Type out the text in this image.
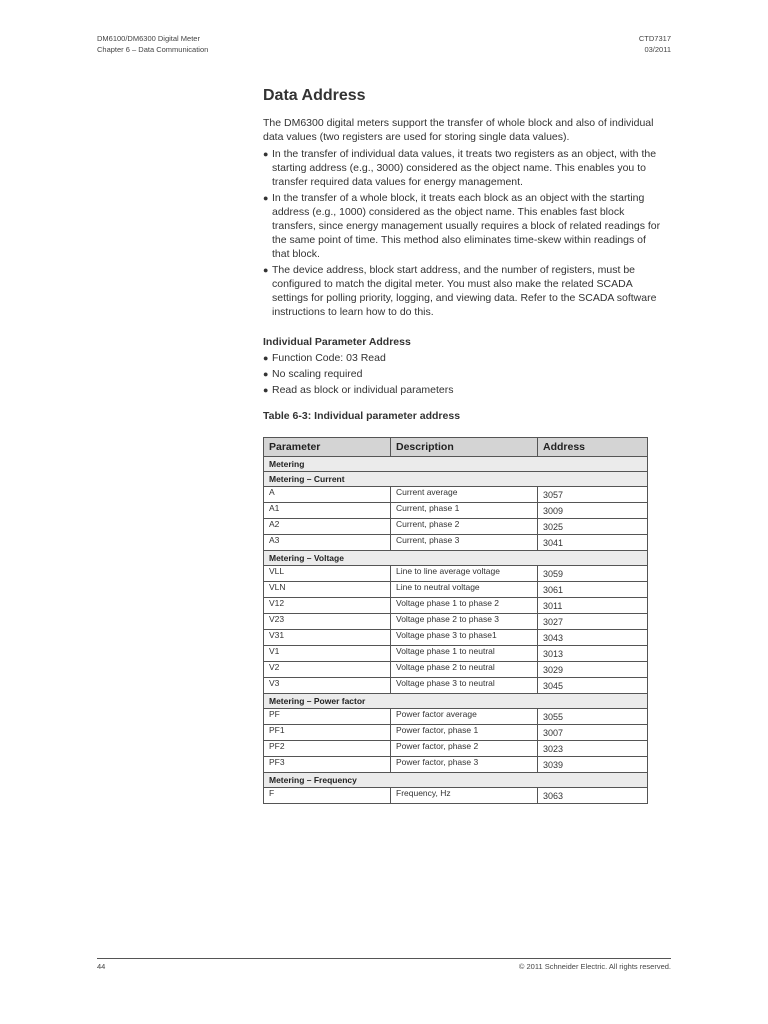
DM6100/DM6300 Digital Meter
Chapter 6 – Data Communication
CTD7317
03/2011
Data Address

The DM6300 digital meters support the transfer of whole block and also of individual data values (two registers are used for storing single data values).

● In the transfer of individual data values, it treats two registers as an object, with the starting address (e.g., 3000) considered as the object name. This enables you to transfer required data values for energy management.
● In the transfer of a whole block, it treats each block as an object with the starting address (e.g., 1000) considered as the object name. This enables fast block transfers, since energy management usually requires a block of related readings for the same point of time. This method also eliminates time-skew within readings of that block.
● The device address, block start address, and the number of registers, must be configured to match the digital meter. You must also make the related SCADA settings for polling priority, logging, and viewing data. Refer to the SCADA software instructions to learn how to do this.
Individual Parameter Address
● Function Code: 03 Read
● No scaling required
● Read as block or individual parameters
Table 6-3: Individual parameter address
Parameter	Description	Address
Metering		
Metering – Current		
A	Current average	3057
A1	Current, phase 1	3009
A2	Current, phase 2	3025
A3	Current, phase 3	3041
Metering – Voltage		
VLL	Line to line average voltage	3059
VLN	Line to neutral voltage	3061
V12	Voltage phase 1 to phase 2	3011
V23	Voltage phase 2 to phase 3	3027
V31	Voltage phase 3 to phase1	3043
V1	Voltage phase 1 to neutral	3013
V2	Voltage phase 2 to neutral	3029
V3	Voltage phase 3 to neutral	3045
Metering – Power factor		
PF	Power factor average	3055
PF1	Power factor, phase 1	3007
PF2	Power factor, phase 2	3023
PF3	Power factor, phase 3	3039
Metering – Frequency		
F	Frequency, Hz	3063
44	© 2011 Schneider Electric. All rights reserved.
